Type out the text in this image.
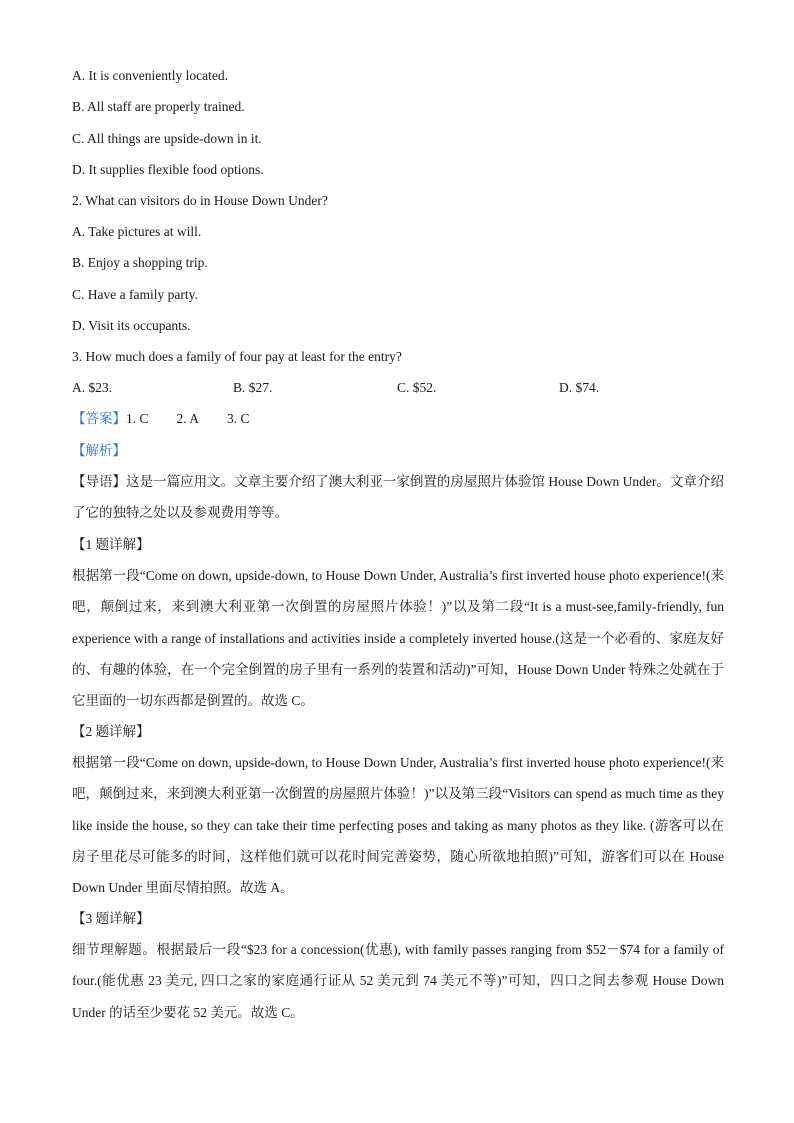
A. It is conveniently located.
B. All staff are properly trained.
C. All things are upside-down in it.
D. It supplies flexible food options.
2. What can visitors do in House Down Under?
A. Take pictures at will.
B. Enjoy a shopping trip.
C. Have a family party.
D. Visit its occupants.
3. How much does a family of four pay at least for the entry?
A. $23.	B. $27.	C. $52.	D. $74.
【答案】1. C 2. A 3. C
【解析】
【导语】这是一篇应用文。文章主要介绍了澳大利亚一家倒置的房屋照片体验馆 House Down Under。文章介绍了它的独特之处以及参观费用等等。
【1 题详解】
根据第一段“Come on down, upside-down, to House Down Under, Australia’s first inverted house photo experience!(来吧，颠倒过来，来到澳大利亚第一次倒置的房屋照片体验！)”以及第二段“It is a must-see,family-friendly, fun experience with a range of installations and activities inside a completely inverted house.(这是一个必看的、家庭友好的、有趣的体验，在一个完全倒置的房子里有一系列的装置和活动)”可知，House Down Under 特殊之处就在于它里面的一切东西都是倒置的。故选 C。
【2 题详解】
根据第一段“Come on down, upside-down, to House Down Under, Australia’s first inverted house photo experience!(来吧，颠倒过来，来到澳大利亚第一次倒置的房屋照片体验！)”以及第三段“Visitors can spend as much time as they like inside the house, so they can take their time perfecting poses and taking as many photos as they like. (游客可以在房子里花尽可能多的时间，这样他们就可以花时间完善姿势，随心所欲地拍照)”可知，游客们可以在 House Down Under 里面尽情拍照。故选 A。
【3 题详解】
细节理解题。根据最后一段“$23 for a concession(优惠), with family passes ranging from $52－$74 for a family of four.(能优惠 23 美元, 四口之家的家庭通行证从 52 美元到 74 美元不等)”可知，四口之间去参观 House Down Under 的话至少要花 52 美元。故选 C。
